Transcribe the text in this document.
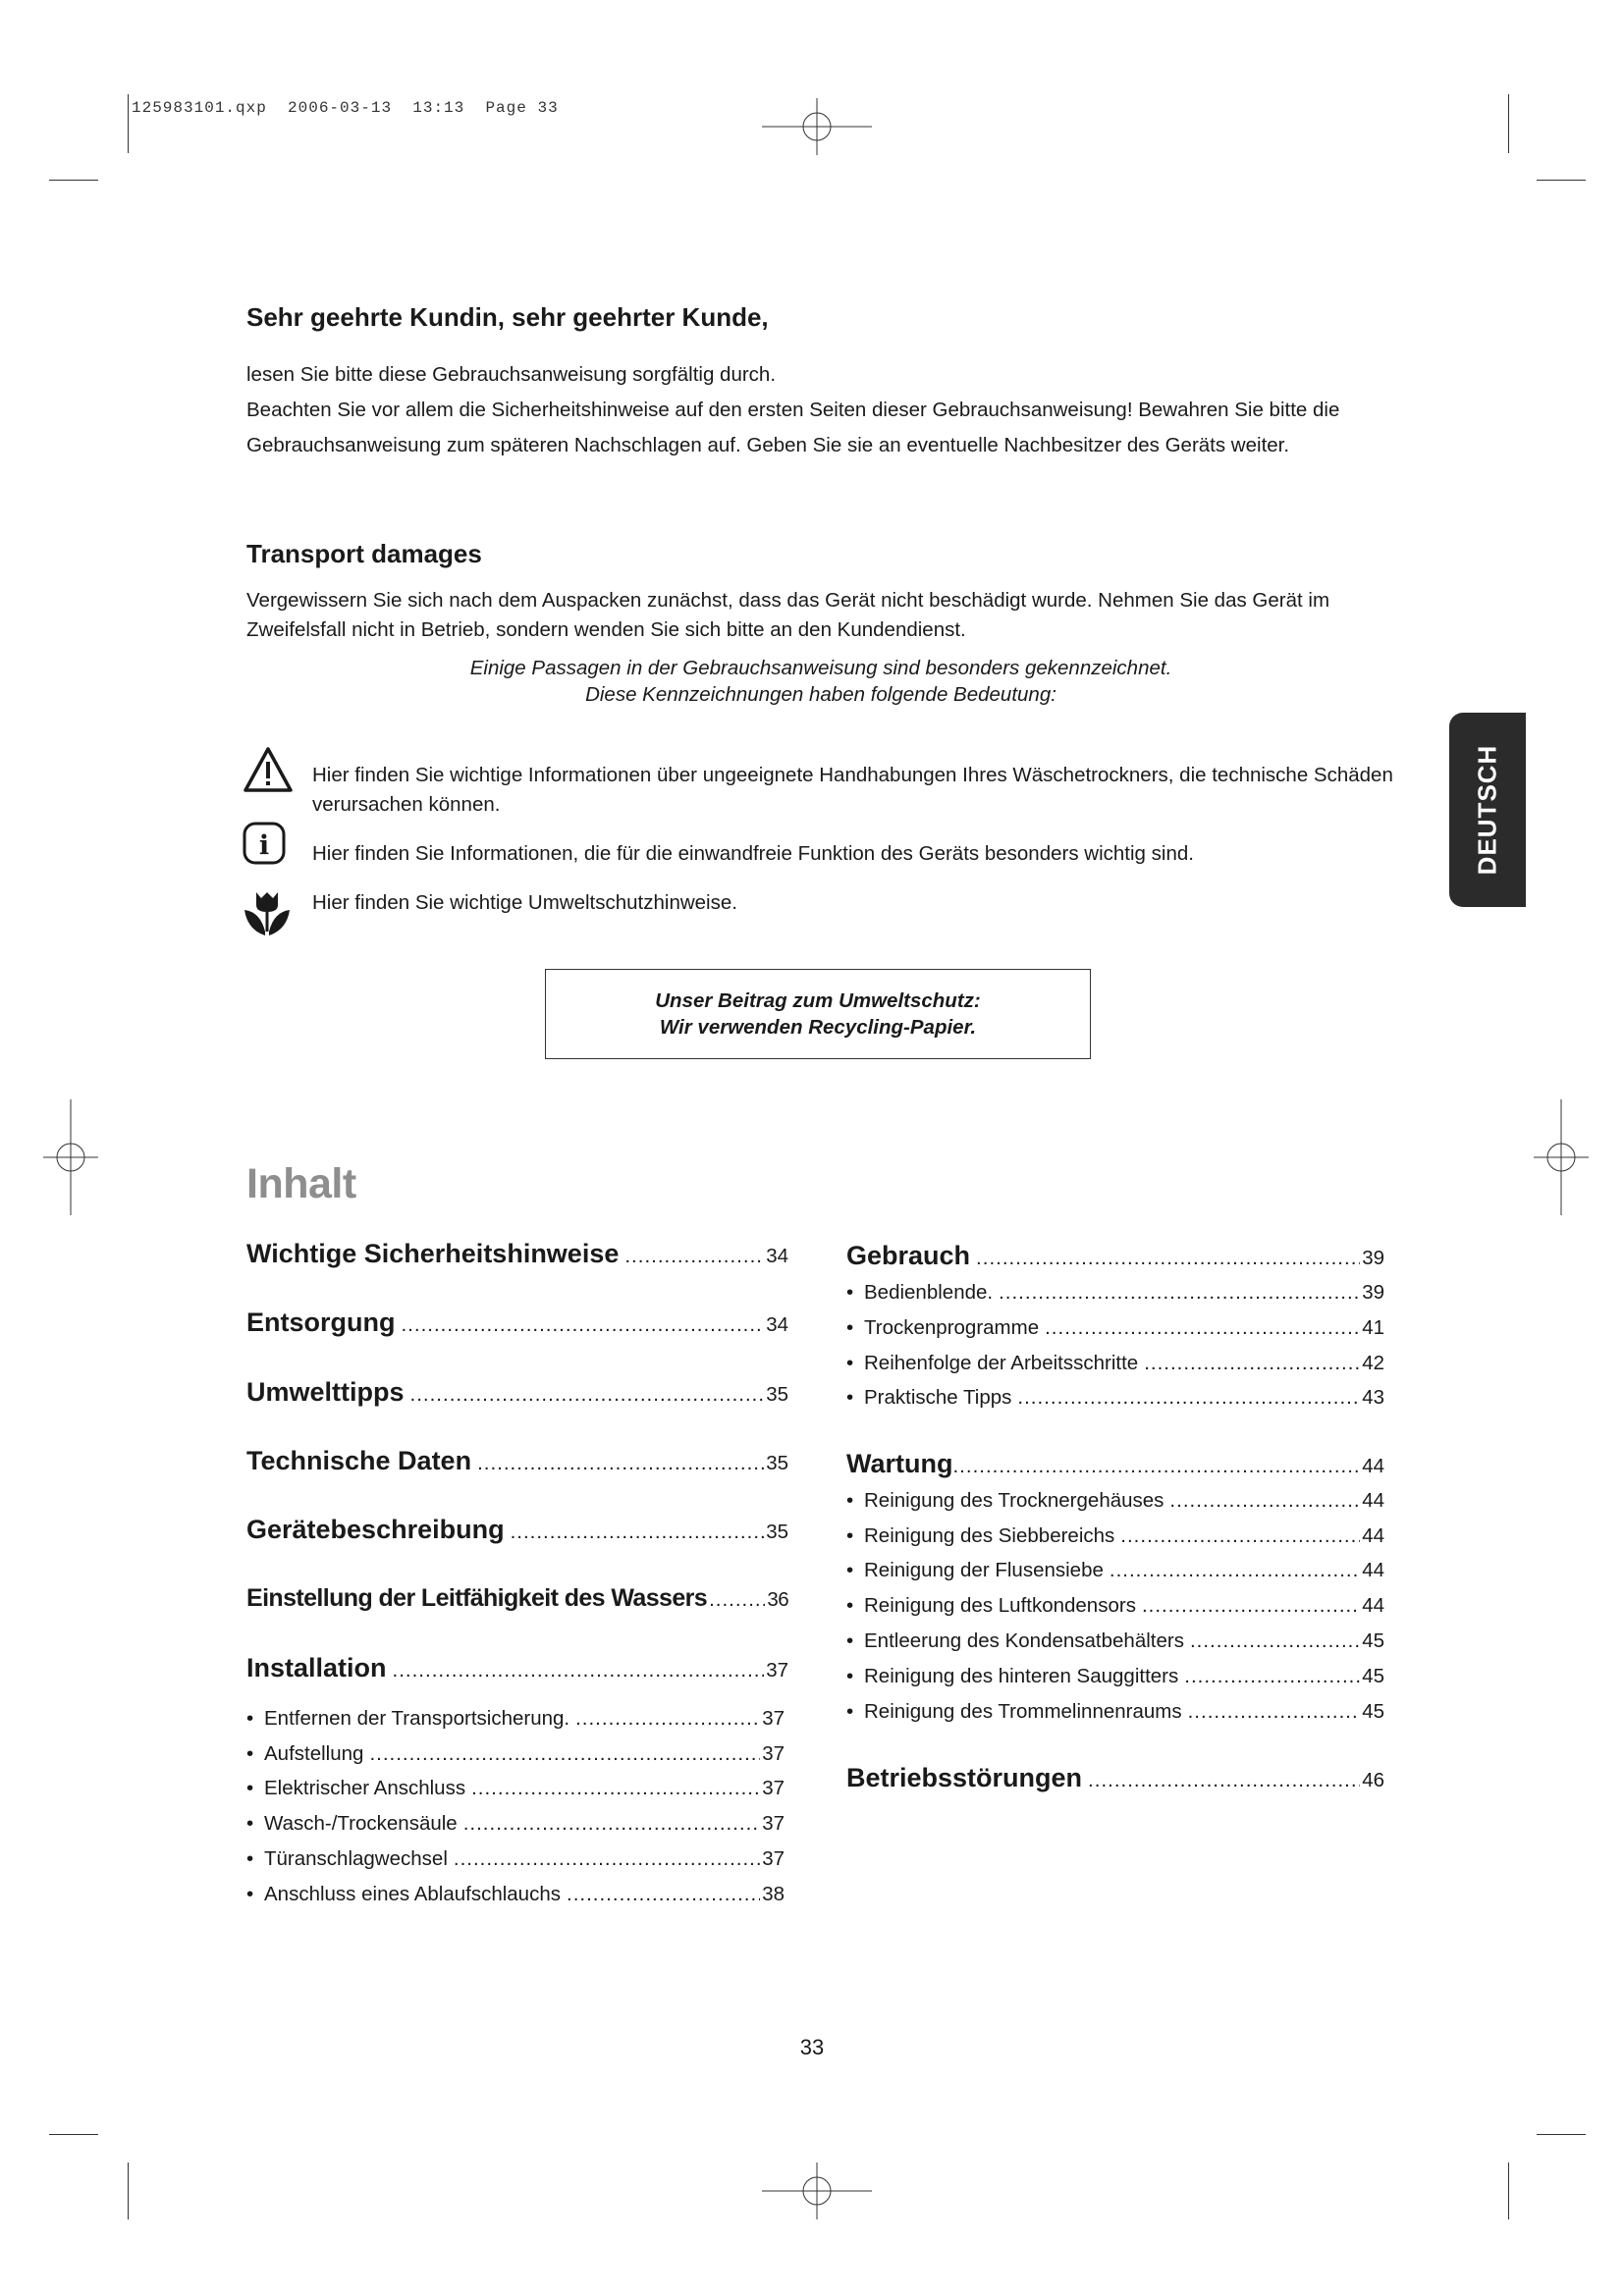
125983101.qxp  2006-03-13  13:13  Page 33
Sehr geehrte Kundin, sehr geehrter Kunde,

lesen Sie bitte diese Gebrauchsanweisung sorgfältig durch.

Beachten Sie vor allem die Sicherheitshinweise auf den ersten Seiten dieser Gebrauchsanweisung! Bewahren Sie bitte die Gebrauchsanweisung zum späteren Nachschlagen auf. Geben Sie sie an eventuelle Nachbesitzer des Geräts weiter.

Transport damages
Vergewissern Sie sich nach dem Auspacken zunächst, dass das Gerät nicht beschädigt wurde. Nehmen Sie das Gerät im Zweifelsfall nicht in Betrieb, sondern wenden Sie sich bitte an den Kundendienst.
Einige Passagen in der Gebrauchsanweisung sind besonders gekennzeichnet.
Diese Kennzeichnungen haben folgende Bedeutung:
Hier finden Sie wichtige Informationen über ungeeignete Handhabungen Ihres Wäschetrockners, die technische Schäden verursachen können.
i Hier finden Sie Informationen, die für die einwandfreie Funktion des Geräts besonders wichtig sind.
Hier finden Sie wichtige Umweltschutzhinweise.
Unser Beitrag zum Umweltschutz:
Wir verwenden Recycling-Papier.
DEUTSCH
Inhalt
Wichtige Sicherheitshinweise .....	34
Entsorgung .....	34
Umwelttipps .....	35
Technische Daten .....	35
Gerätebeschreibung .....	35
Einstellung der Leitfähigkeit des Wassers .....	36
Installation .....	37
• Entfernen der Transportsicherung. .....	37
• Aufstellung .....	37
• Elektrischer Anschluss .....	37
• Wasch-/Trockensäule .....	37
• Türanschlagwechsel .....	37
• Anschluss eines Ablaufschlauchs .....	38
Gebrauch .....	39
• Bedienblende. .....	39
• Trockenprogramme .....	41
• Reihenfolge der Arbeitsschritte .....	42
• Praktische Tipps .....	43
Wartung .....	44
• Reinigung des Trocknergehäuses .....	44
• Reinigung des Siebbereichs .....	44
• Reinigung der Flusensiebe .....	44
• Reinigung des Luftkondensors .....	44
• Entleerung des Kondensatbehälters .....	45
• Reinigung des hinteren Sauggitters .....	45
• Reinigung des Trommelinnenraums .....	45
Betriebsstörungen .....	46
33
